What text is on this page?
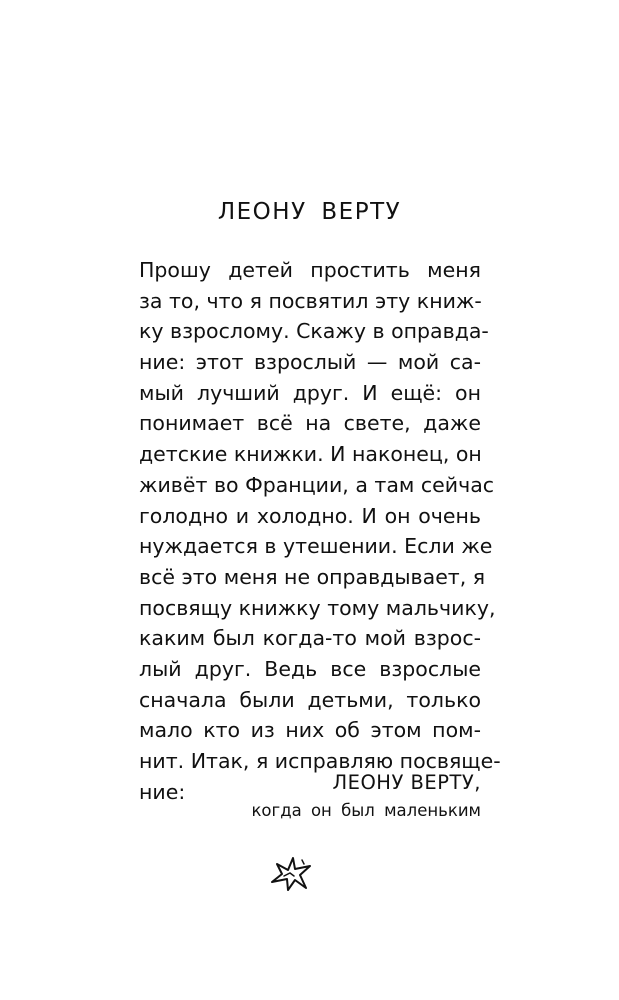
ЛЕОНУ ВЕРТУ
Прошу детей простить меня
за то, что я посвятил эту книж-
ку взрослому. Скажу в оправда-
ние: этот взрослый — мой са-
мый лучший друг. И ещё: он
понимает всё на свете, даже
детские книжки. И наконец, он
живёт во Франции, а там сейчас
голодно и холодно. И он очень
нуждается в утешении. Если же
всё это меня не оправдывает, я
посвящу книжку тому мальчику,
каким был когда-то мой взрос-
лый друг. Ведь все взрослые
сначала были детьми, только
мало кто из них об этом пом-
нит. Итак, я исправляю посвяще-
ние:	ЛЕОНУ ВЕРТУ,
когда он был маленьким
